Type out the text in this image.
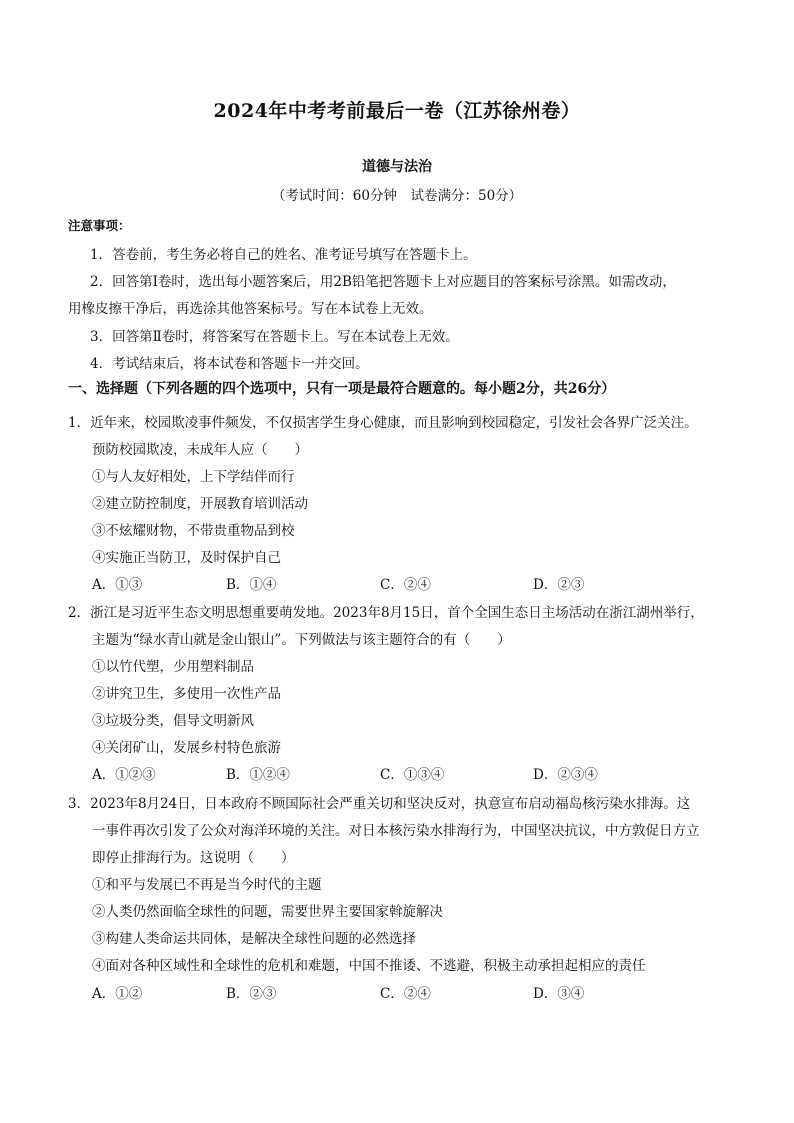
2024年中考考前最后一卷（江苏徐州卷）
道德与法治
（考试时间：60分钟　试卷满分：50分）
注意事项：
1．答卷前，考生务必将自己的姓名、准考证号填写在答题卡上。
2．回答第Ⅰ卷时，选出每小题答案后，用2B铅笔把答题卡上对应题目的答案标号涂黑。如需改动，
用橡皮擦干净后，再选涂其他答案标号。写在本试卷上无效。
3．回答第Ⅱ卷时，将答案写在答题卡上。写在本试卷上无效。
4．考试结束后，将本试卷和答题卡一并交回。
一、选择题（下列各题的四个选项中，只有一项是最符合题意的。每小题2分，共26分）
1．近年来，校园欺凌事件频发，不仅损害学生身心健康，而且影响到校园稳定，引发社会各界广泛关注。
预防校园欺凌，未成年人应（　　）
①与人友好相处，上下学结伴而行
②建立防控制度，开展教育培训活动
③不炫耀财物，不带贵重物品到校
④实施正当防卫，及时保护自己
A．①③	B．①④	C．②④	D．②③
2．浙江是习近平生态文明思想重要萌发地。2023年8月15日，首个全国生态日主场活动在浙江湖州举行，
主题为“绿水青山就是金山银山”。下列做法与该主题符合的有（　　）
①以竹代塑，少用塑料制品
②讲究卫生，多使用一次性产品
③垃圾分类，倡导文明新风
④关闭矿山，发展乡村特色旅游
A．①②③	B．①②④	C．①③④	D．②③④
3．2023年8月24日，日本政府不顾国际社会严重关切和坚决反对，执意宣布启动福岛核污染水排海。这
一事件再次引发了公众对海洋环境的关注。对日本核污染水排海行为，中国坚决抗议，中方敦促日方立
即停止排海行为。这说明（　　）
①和平与发展已不再是当今时代的主题
②人类仍然面临全球性的问题，需要世界主要国家斡旋解决
③构建人类命运共同体，是解决全球性问题的必然选择
④面对各种区域性和全球性的危机和难题，中国不推诿、不逃避，积极主动承担起相应的责任
A．①②	B．②③	C．②④	D．③④
